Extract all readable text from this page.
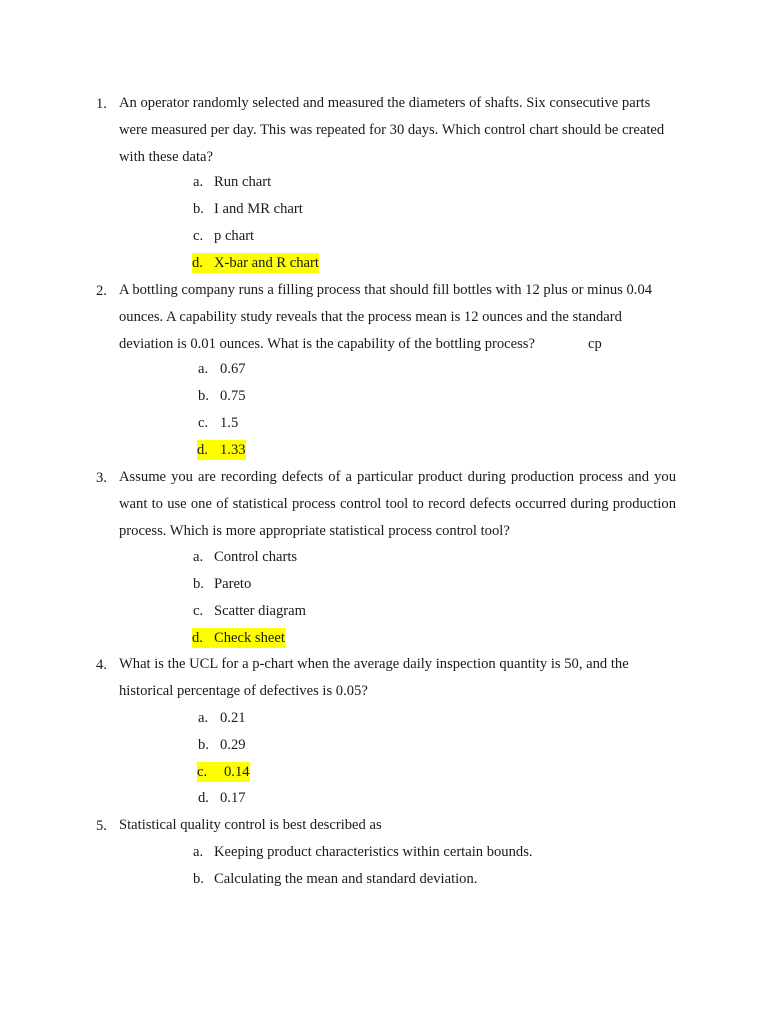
1. An operator randomly selected and measured the diameters of shafts. Six consecutive parts were measured per day. This was repeated for 30 days. Which control chart should be created with these data?
a. Run chart
b. I and MR chart
c. p chart
d. X-bar and R chart
2. A bottling company runs a filling process that should fill bottles with 12 plus or minus 0.04 ounces. A capability study reveals that the process mean is 12 ounces and the standard deviation is 0.01 ounces. What is the capability of the bottling process?	cp
a. 0.67
b. 0.75
c. 1.5
d. 1.33
3. Assume you are recording defects of a particular product during production process and you want to use one of statistical process control tool to record defects occurred during production process. Which is more appropriate statistical process control tool?
a. Control charts
b. Pareto
c. Scatter diagram
d. Check sheet
4. What is the UCL for a p-chart when the average daily inspection quantity is 50, and the historical percentage of defectives is 0.05?
a. 0.21
b. 0.29
c. 0.14
d. 0.17
5. Statistical quality control is best described as
a. Keeping product characteristics within certain bounds.
b. Calculating the mean and standard deviation.
